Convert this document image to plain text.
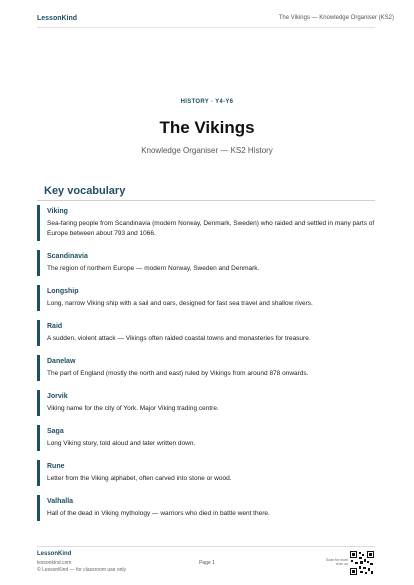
LessonKind	The Vikings — Knowledge Organiser (KS2)
HISTORY · Y4-Y6
The Vikings
Knowledge Organiser — KS2 History
Key vocabulary
Viking
Sea-faring people from Scandinavia (modern Norway, Denmark, Sweden) who raided and settled in many parts of Europe between about 793 and 1066.
Scandinavia
The region of northern Europe — modern Norway, Sweden and Denmark.
Longship
Long, narrow Viking ship with a sail and oars, designed for fast sea travel and shallow rivers.
Raid
A sudden, violent attack — Vikings often raided coastal towns and monasteries for treasure.
Danelaw
The part of England (mostly the north and east) ruled by Vikings from around 878 onwards.
Jorvik
Viking name for the city of York. Major Viking trading centre.
Saga
Long Viking story, told aloud and later written down.
Rune
Letter from the Viking alphabet, often carved into stone or wood.
Valhalla
Hall of the dead in Viking mythology — warriors who died in battle went there.
LessonKind
lessonkind.com
© LessonKind — for classroom use only
Page 1	Scan for more from us
